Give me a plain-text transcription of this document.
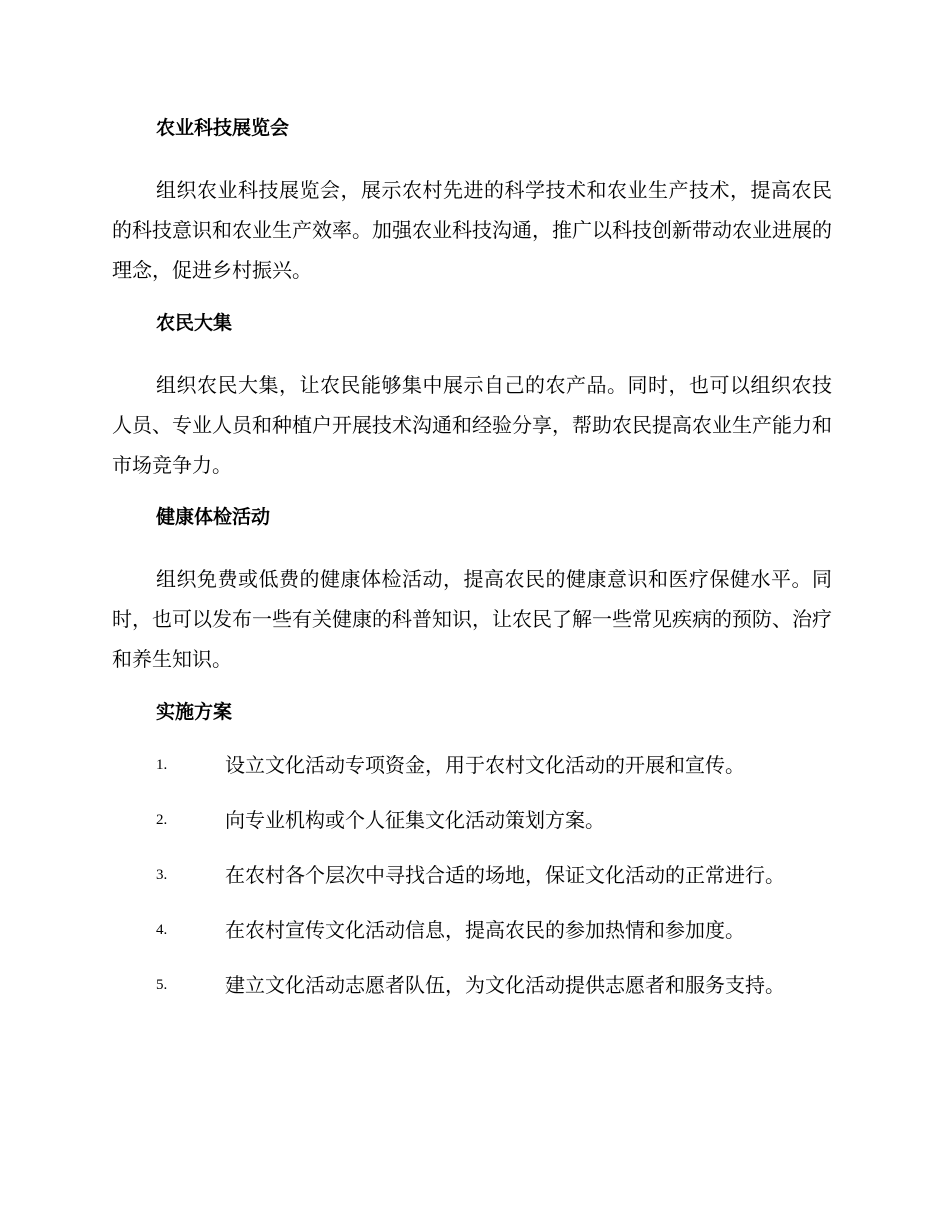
农业科技展览会

组织农业科技展览会，展示农村先进的科学技术和农业生产技术，提高农民的科技意识和农业生产效率。加强农业科技沟通，推广以科技创新带动农业进展的理念，促进乡村振兴。

农民大集

组织农民大集，让农民能够集中展示自己的农产品。同时，也可以组织农技人员、专业人员和种植户开展技术沟通和经验分享，帮助农民提高农业生产能力和市场竞争力。

健康体检活动

组织免费或低费的健康体检活动，提高农民的健康意识和医疗保健水平。同时，也可以发布一些有关健康的科普知识，让农民了解一些常见疾病的预防、治疗和养生知识。

实施方案
1.	设立文化活动专项资金，用于农村文化活动的开展和宣传。
2.	向专业机构或个人征集文化活动策划方案。
3.	在农村各个层次中寻找合适的场地，保证文化活动的正常进行。
4.	在农村宣传文化活动信息，提高农民的参加热情和参加度。
5.	建立文化活动志愿者队伍，为文化活动提供志愿者和服务支持。
